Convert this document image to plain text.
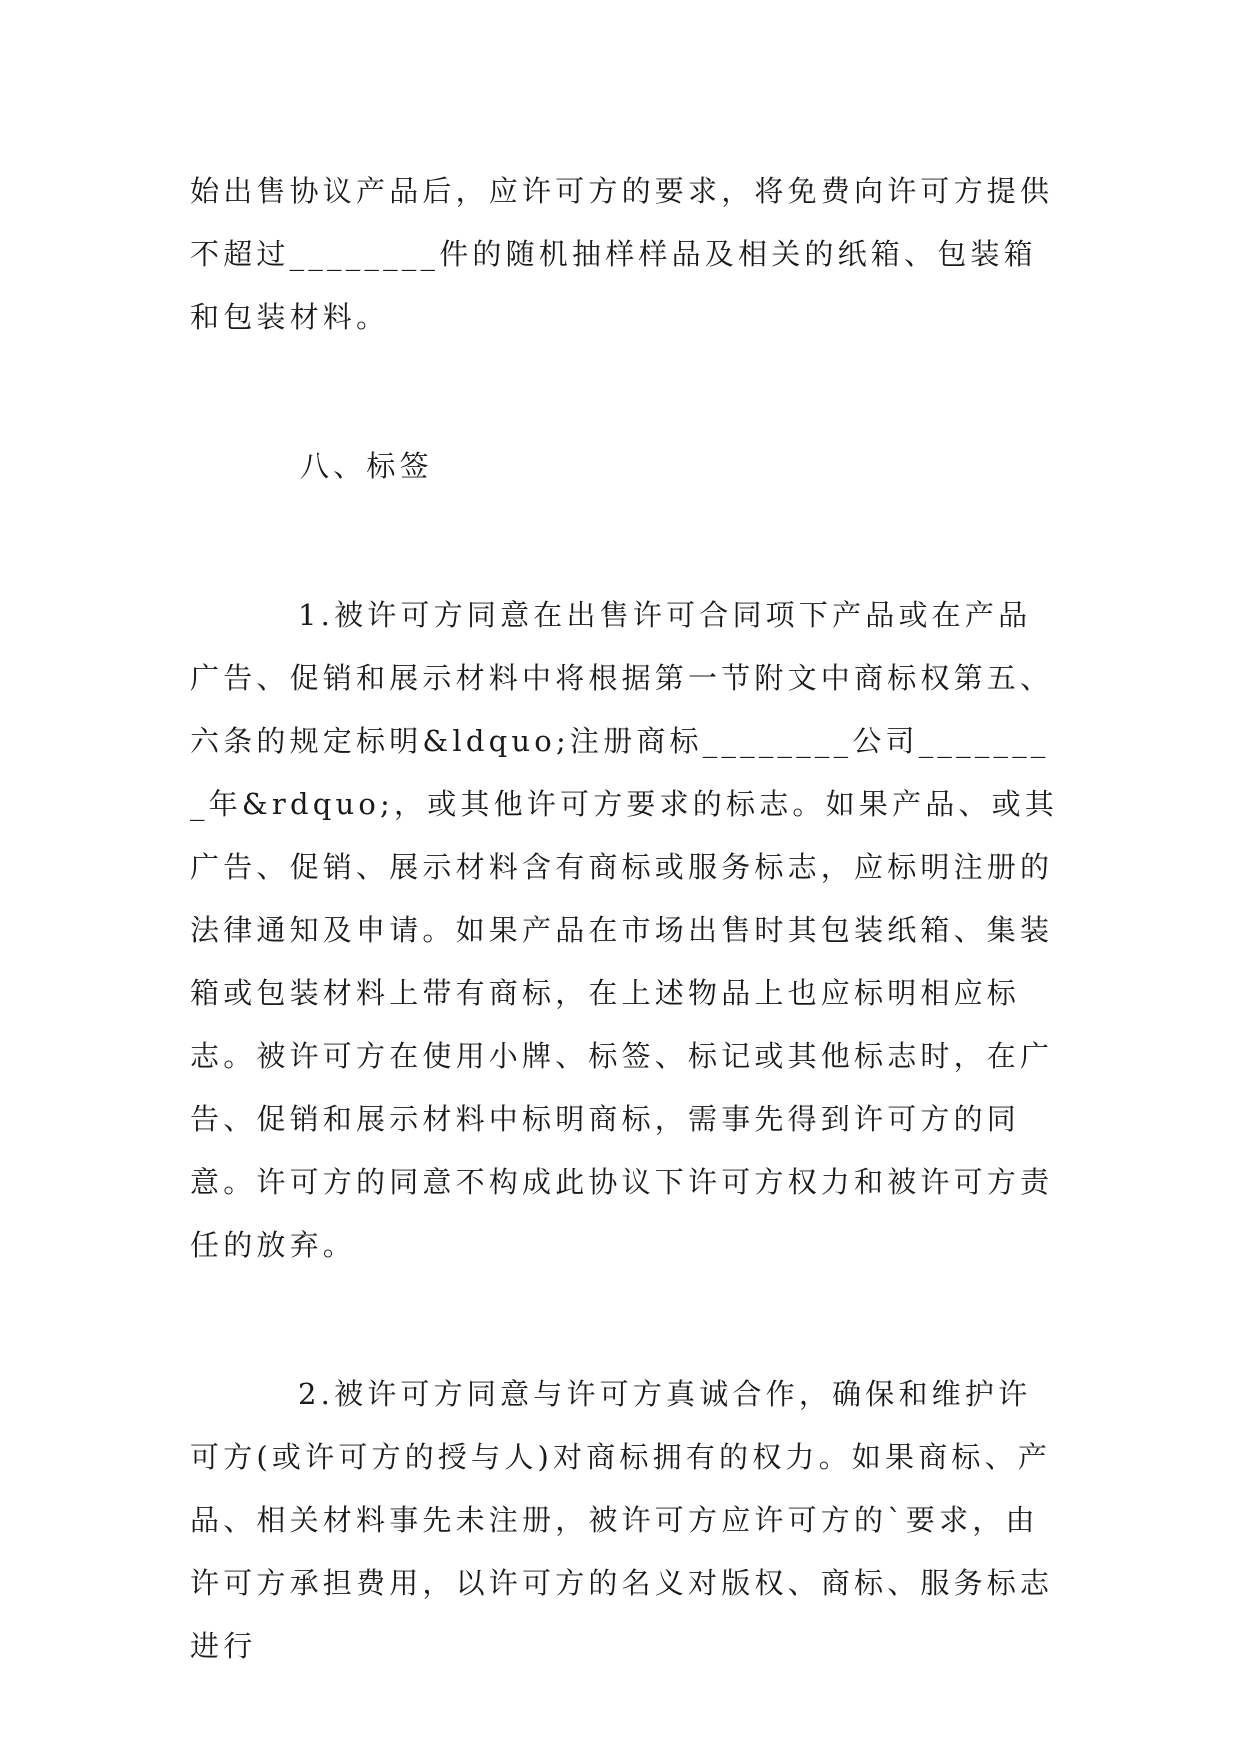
始出售协议产品后，应许可方的要求，将免费向许可方提供不超过________件的随机抽样样品及相关的纸箱、包装箱和包装材料。

八、标签

1.被许可方同意在出售许可合同项下产品或在产品广告、促销和展示材料中将根据第一节附文中商标权第五、六条的规定标明&ldquo;注册商标________公司________年&rdquo;，或其他许可方要求的标志。如果产品、或其广告、促销、展示材料含有商标或服务标志，应标明注册的法律通知及申请。如果产品在市场出售时其包装纸箱、集装箱或包装材料上带有商标，在上述物品上也应标明相应标志。被许可方在使用小牌、标签、标记或其他标志时，在广告、促销和展示材料中标明商标，需事先得到许可方的同意。许可方的同意不构成此协议下许可方权力和被许可方责任的放弃。

2.被许可方同意与许可方真诚合作，确保和维护许可方(或许可方的授与人)对商标拥有的权力。如果商标、产品、相关材料事先未注册，被许可方应许可方的`要求，由许可方承担费用，以许可方的名义对版权、商标、服务标志进行
